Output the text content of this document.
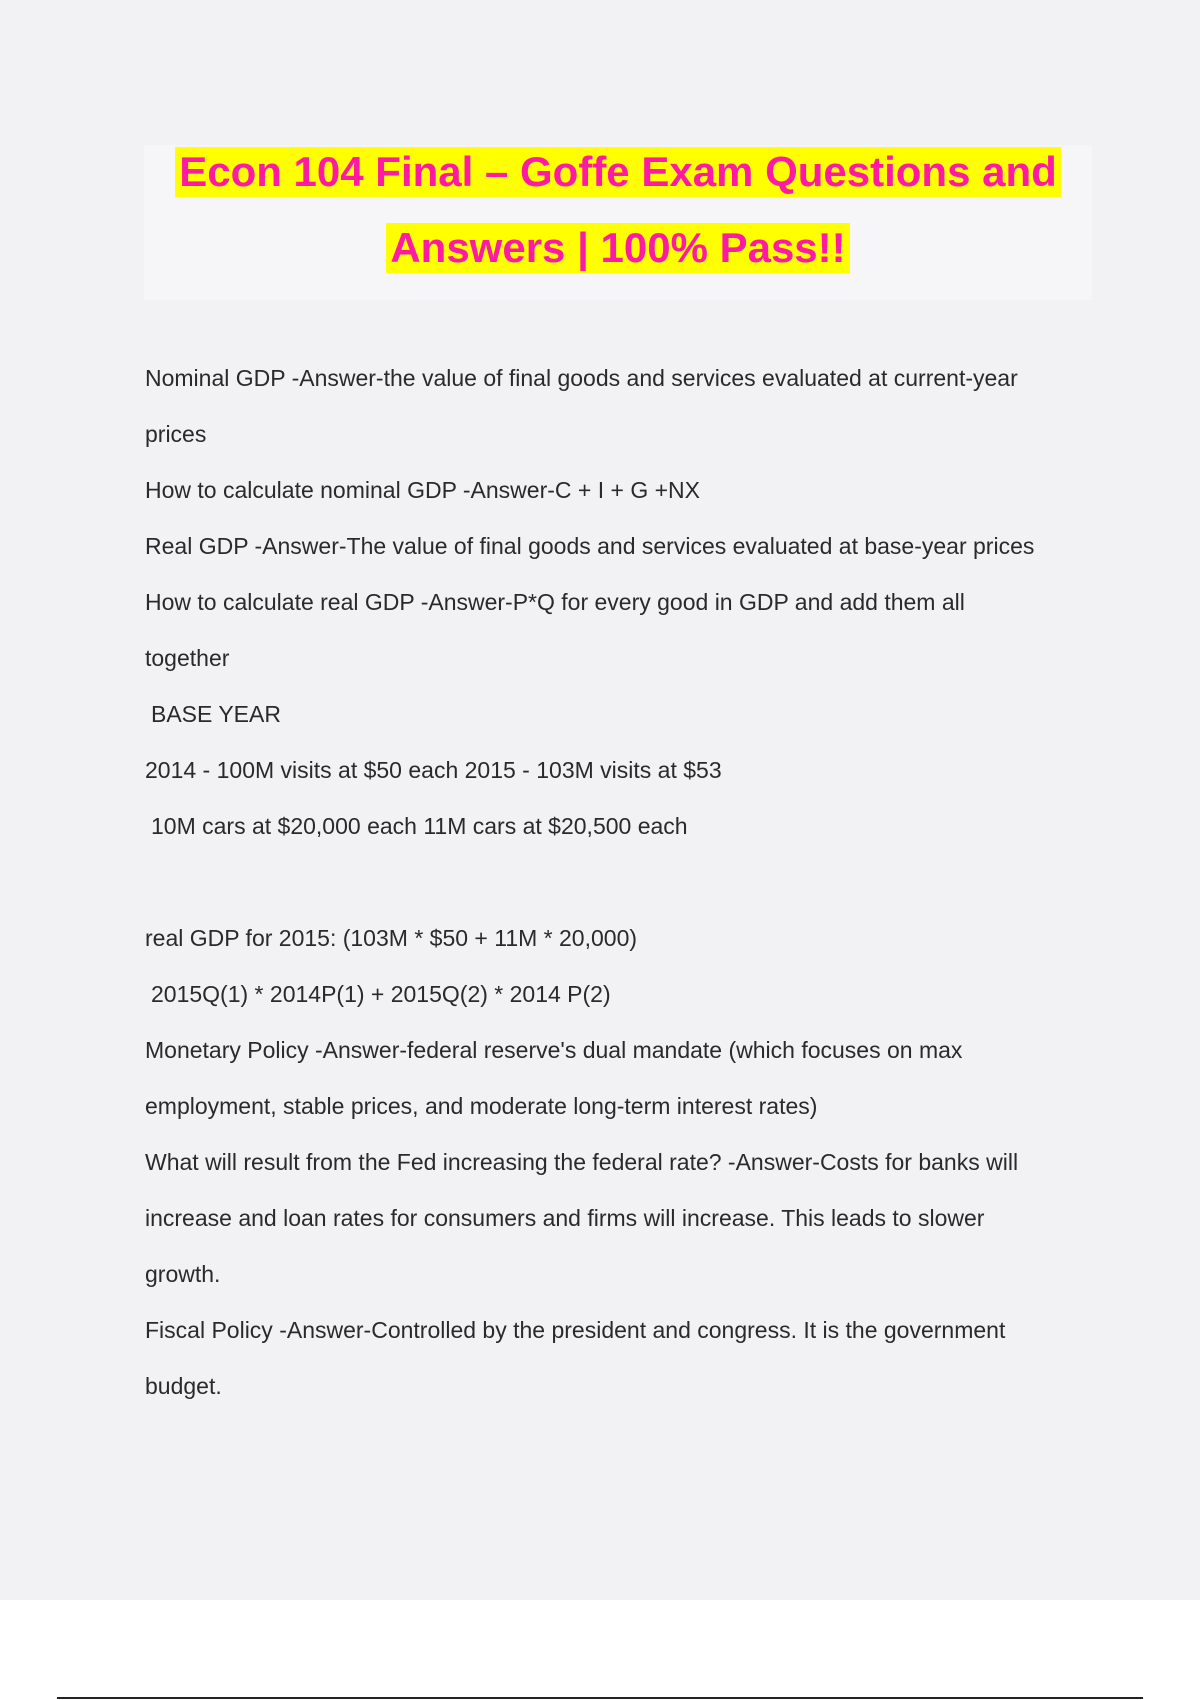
Econ 104 Final – Goffe Exam Questions and
Answers | 100% Pass!!

Nominal GDP -Answer-the value of final goods and services evaluated at current-year

prices

How to calculate nominal GDP -Answer-C + I + G +NX

Real GDP -Answer-The value of final goods and services evaluated at base-year prices

How to calculate real GDP -Answer-P*Q for every good in GDP and add them all

together

BASE YEAR

2014 - 100M visits at $50 each 2015 - 103M visits at $53

10M cars at $20,000 each 11M cars at $20,500 each

real GDP for 2015: (103M * $50 + 11M * 20,000)

2015Q(1) * 2014P(1) + 2015Q(2) * 2014 P(2)

Monetary Policy -Answer-federal reserve's dual mandate (which focuses on max

employment, stable prices, and moderate long-term interest rates)

What will result from the Fed increasing the federal rate? -Answer-Costs for banks will

increase and loan rates for consumers and firms will increase. This leads to slower

growth.

Fiscal Policy -Answer-Controlled by the president and congress. It is the government

budget.
